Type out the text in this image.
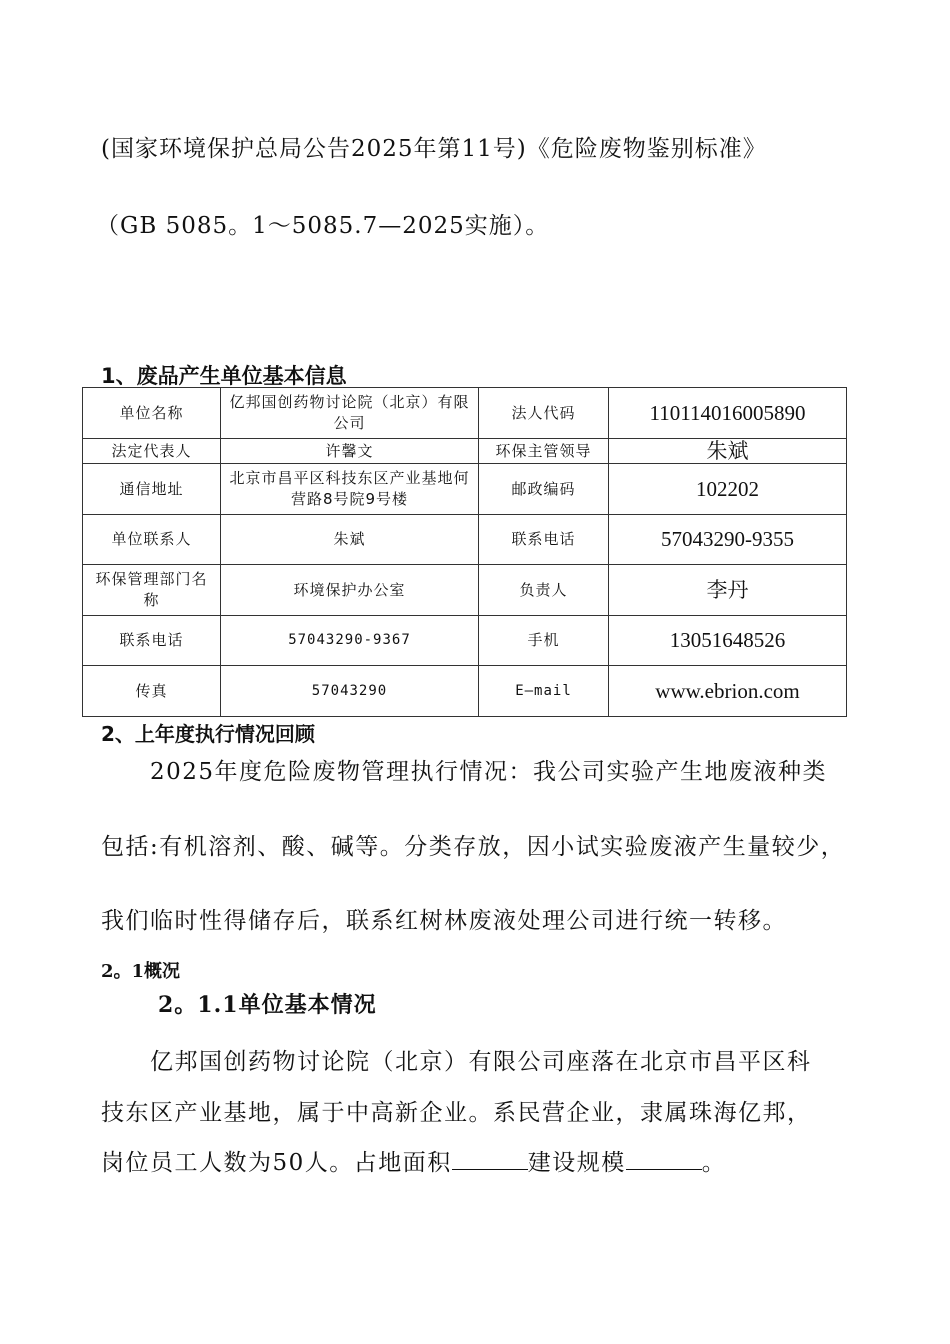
(国家环境保护总局公告2025年第11号)《危险废物鉴别标准》
（GB 5085。1～5085.7—2025实施）。
1、废品产生单位基本信息
单位名称	亿邦国创药物讨论院（北京）有限公司	法人代码	110114016005890
法定代表人	许馨文	环保主管领导	朱斌
通信地址	北京市昌平区科技东区产业基地何营路8号院9号楼	邮政编码	102202
单位联系人	朱斌	联系电话	57043290-9355
环保管理部门名称	环境保护办公室	负责人	李丹
联系电话	57043290-9367	手机	13051648526
传真	57043290	E—mail	www.ebrion.com
2、上年度执行情况回顾
2025年度危险废物管理执行情况：我公司实验产生地废液种类
包括:有机溶剂、酸、碱等。分类存放，因小试实验废液产生量较少，
我们临时性得储存后，联系红树林废液处理公司进行统一转移。
2。1概况
2。1.1单位基本情况
亿邦国创药物讨论院（北京）有限公司座落在北京市昌平区科
技东区产业基地，属于中高新企业。系民营企业，隶属珠海亿邦，
岗位员工人数为50人。占地面积	建设规模	。
